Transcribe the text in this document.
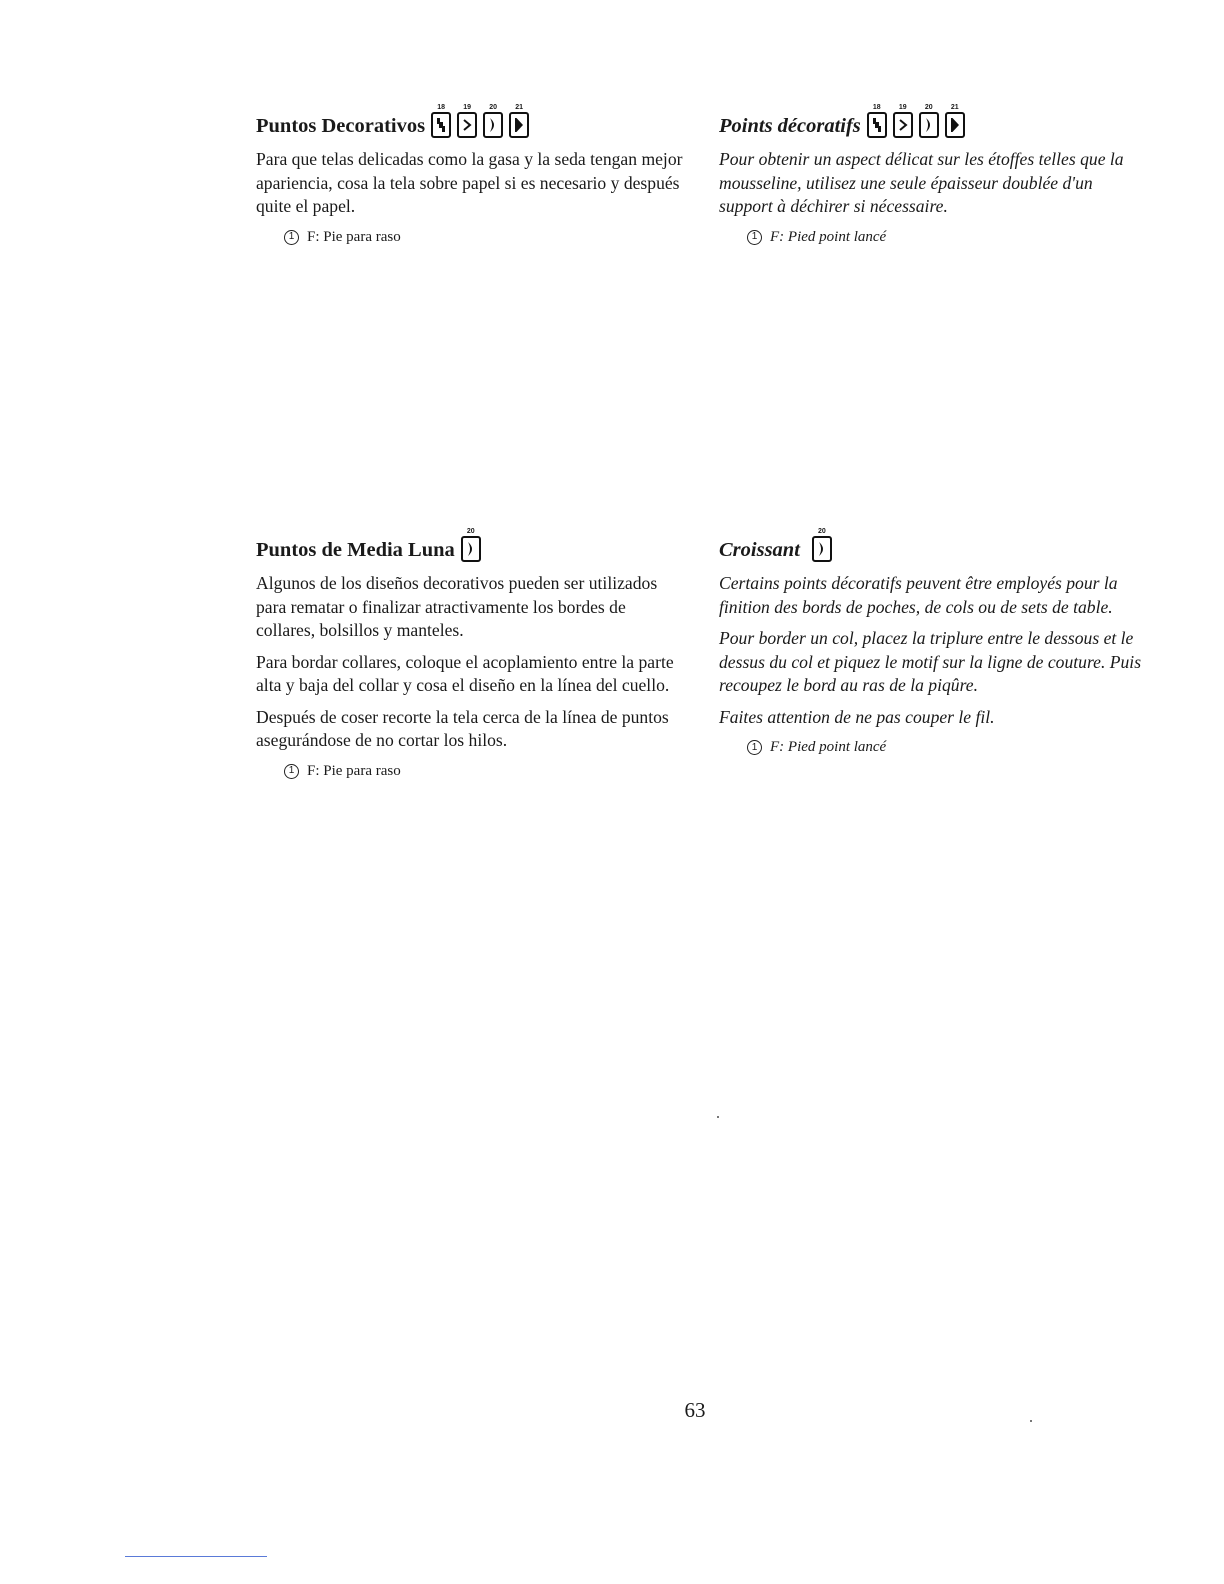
Puntos Decorativos
18	19	20	21

Para que telas delicadas como la gasa y la seda tengan mejor apariencia, cosa la tela sobre papel si es necesario y después quite el papel.

1 F: Pie para raso
Points décoratifs
18	19	20	21

Pour obtenir un aspect délicat sur les étoffes telles que la mousseline, utilisez une seule épaisseur doublée d'un support à déchirer si nécessaire.

1 F: Pied point lancé
Puntos de Media Luna
20

Algunos de los diseños decorativos pueden ser utilizados para rematar o finalizar atractivamente los bordes de collares, bolsillos y manteles.

Para bordar collares, coloque el acoplamiento entre la parte alta y baja del collar y cosa el diseño en la línea del cuello.

Después de coser recorte la tela cerca de la línea de puntos asegurándose de no cortar los hilos.

1 F: Pie para raso
Croissant
20

Certains points décoratifs peuvent être employés pour la finition des bords de poches, de cols ou de sets de table.

Pour border un col, placez la triplure entre le dessous et le dessus du col et piquez le motif sur la ligne de couture. Puis recoupez le bord au ras de la piqûre.

Faites attention de ne pas couper le fil.

1 F: Pied point lancé
63
